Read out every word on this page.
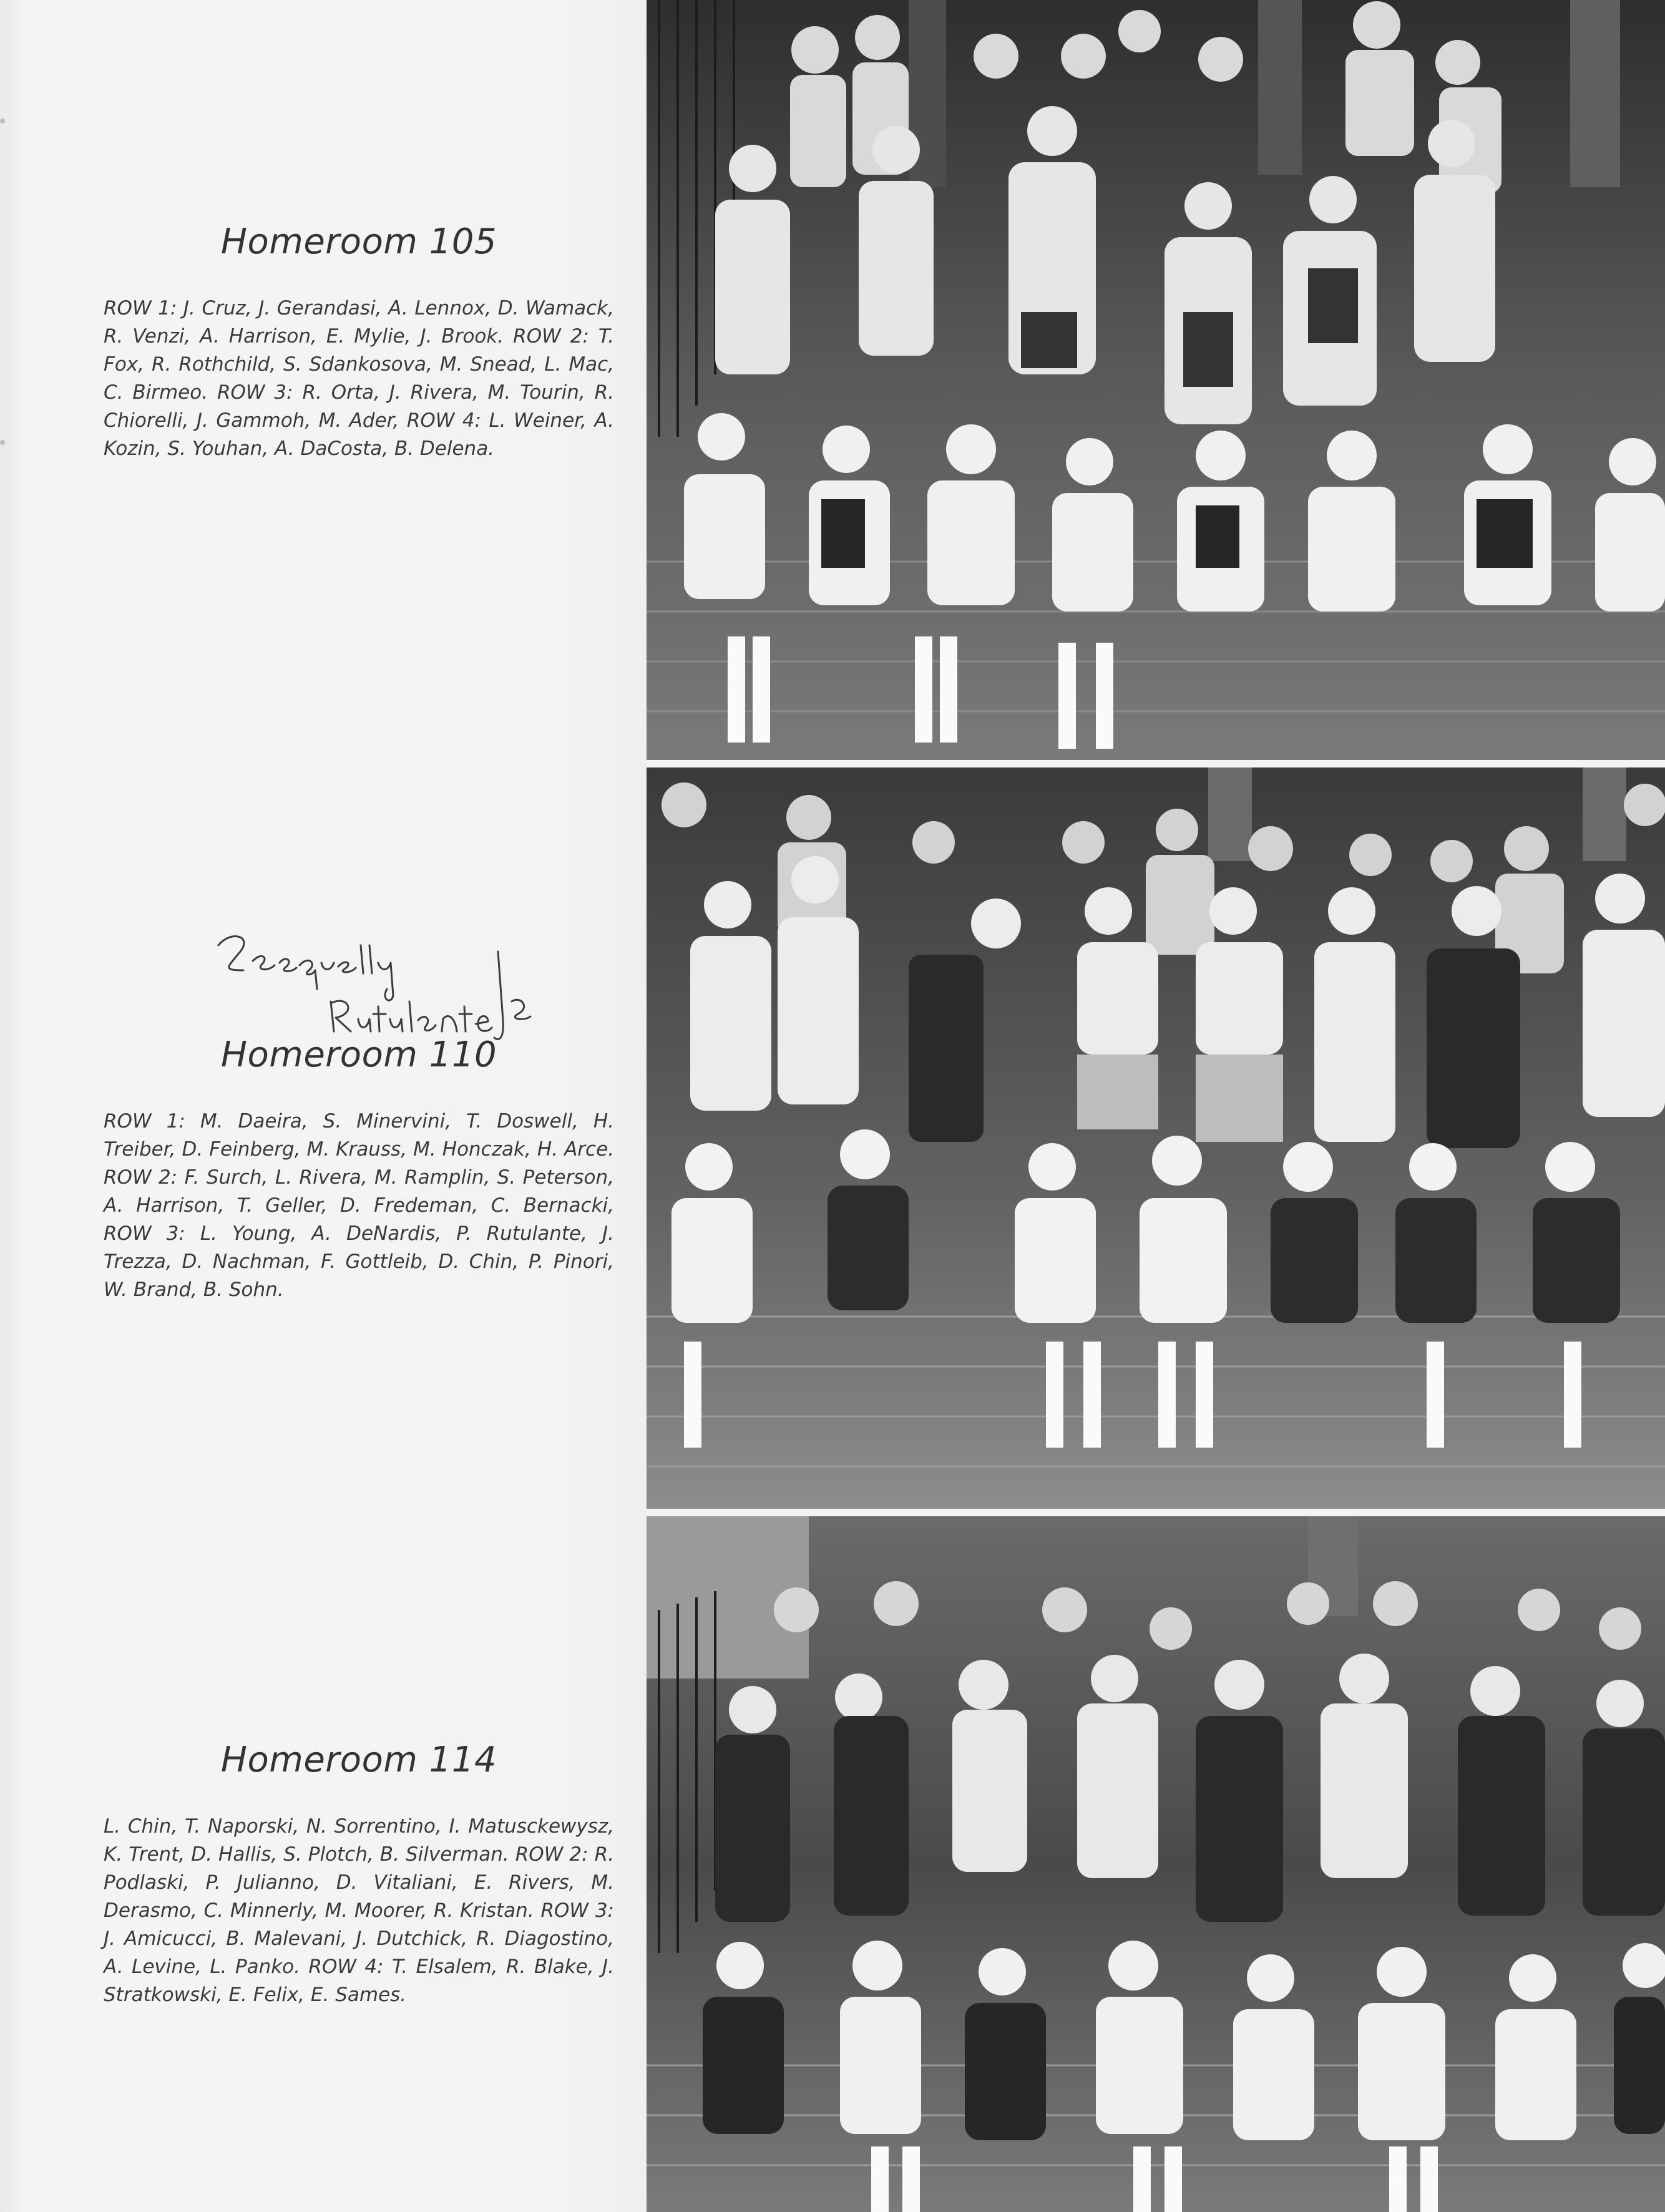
Homeroom 105

ROW 1: J. Cruz, J. Gerandasi, A. Lennox, D. Wamack, R. Venzi, A. Harrison, E. Mylie, J. Brook. ROW 2: T. Fox, R. Rothchild, S. Sdankosova, M. Snead, L. Mac, C. Birmeo. ROW 3: R. Orta, J. Rivera, M. Tourin, R. Chiorelli, J. Gammoh, M. Ader, ROW 4: L. Weiner, A. Kozin, S. Youhan, A. DaCosta, B. Delena.

Homeroom 110

ROW 1: M. Daeira, S. Minervini, T. Doswell, H. Treiber, D. Feinberg, M. Krauss, M. Honczak, H. Arce. ROW 2: F. Surch, L. Rivera, M. Ramplin, S. Peterson, A. Harrison, T. Geller, D. Fredeman, C. Bernacki, ROW 3: L. Young, A. DeNardis, P. Rutulante, J. Trezza, D. Nachman, F. Gottleib, D. Chin, P. Pinori, W. Brand, B. Sohn.

Homeroom 114

L. Chin, T. Naporski, N. Sorrentino, I. Matusckewysz, K. Trent, D. Hallis, S. Plotch, B. Silverman. ROW 2: R. Podlaski, P. Julianno, D. Vitaliani, E. Rivers, M. Derasmo, C. Minnerly, M. Moorer, R. Kristan. ROW 3: J. Amicucci, B. Malevani, J. Dutchick, R. Diagostino, A. Levine, L. Panko. ROW 4: T. Elsalem, R. Blake, J. Stratkowski, E. Felix, E. Sames.
